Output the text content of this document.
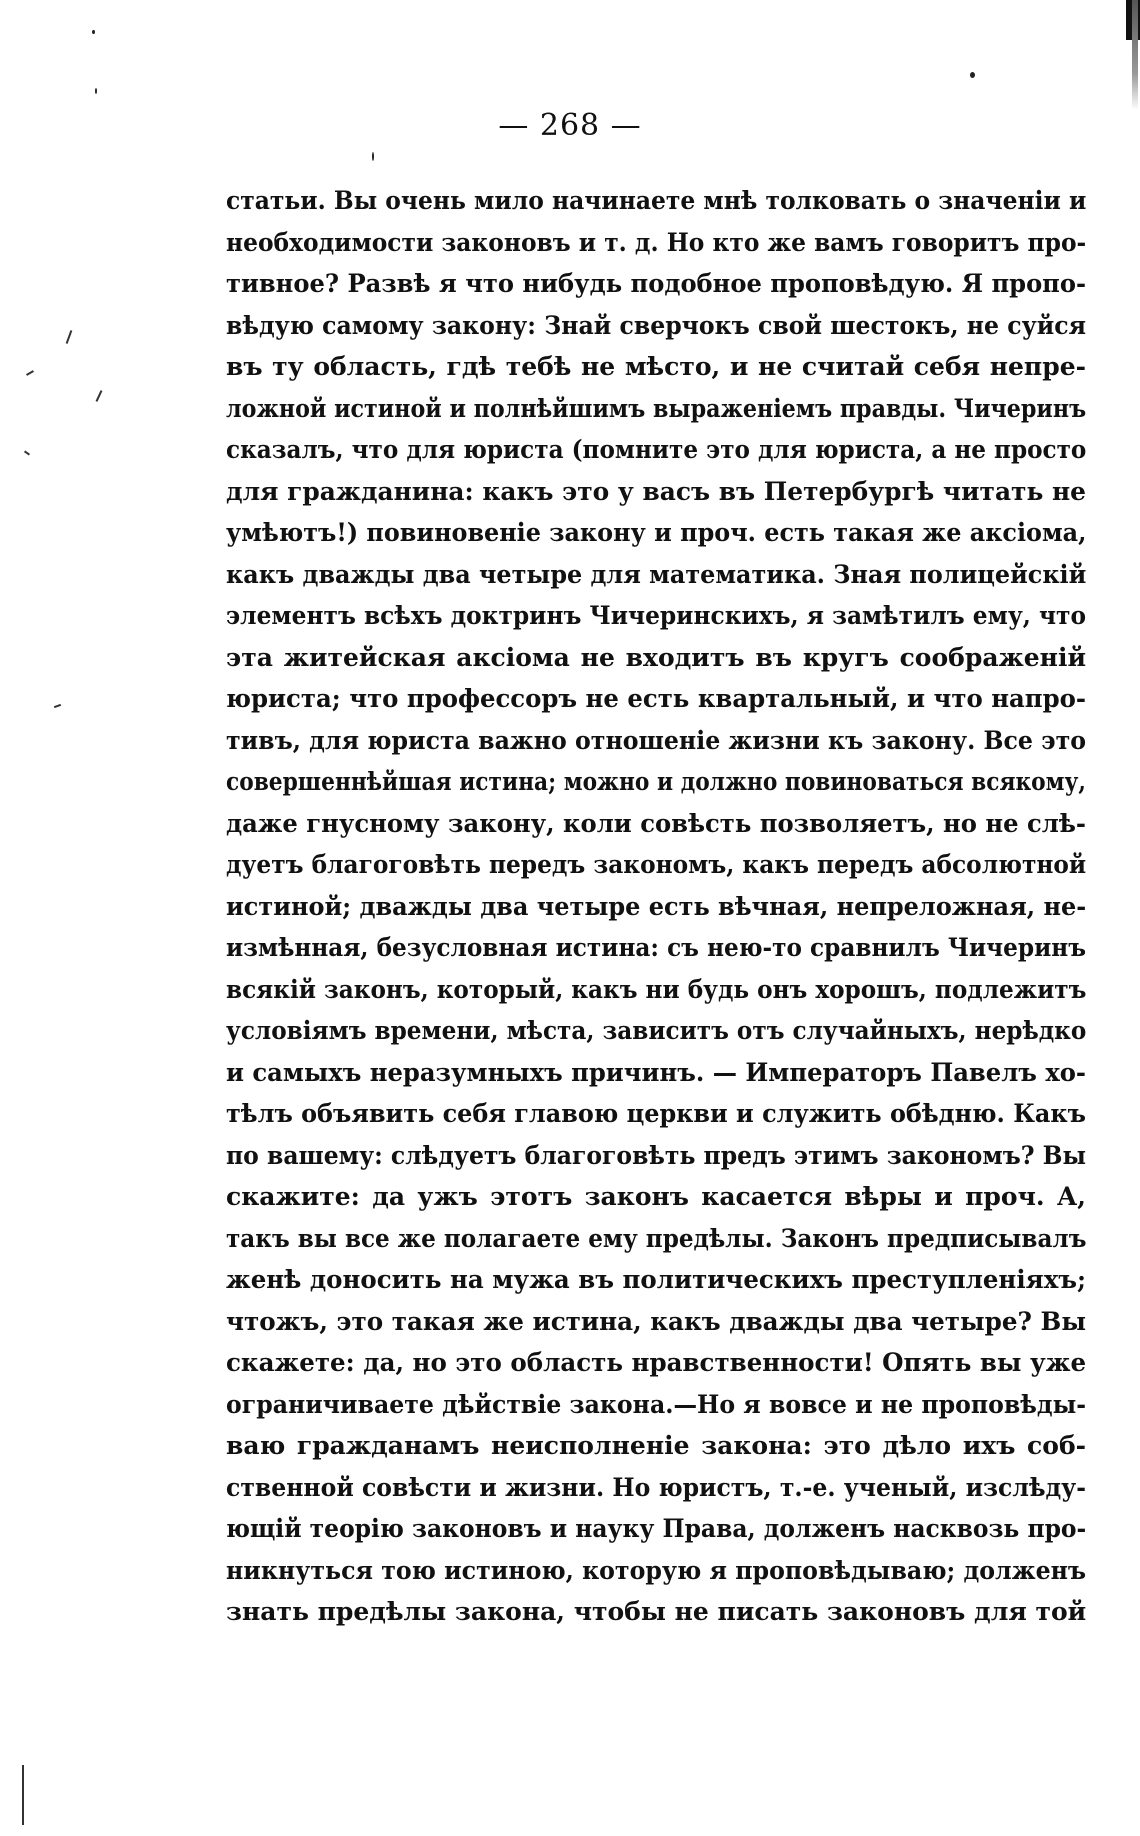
— 268 —
статьи. Вы очень мило начинаете мнѣ толковать о значеніи и
необходимости законовъ и т. д. Но кто же вамъ говоритъ про-
тивное? Развѣ я что нибудь подобное проповѣдую. Я пропо-
вѣдую самому закону: Знай сверчокъ свой шестокъ, не суйся
въ ту область, гдѣ тебѣ не мѣсто, и не считай себя непре-
ложной истиной и полнѣйшимъ выраженіемъ правды. Чичеринъ
сказалъ, что для юриста (помните это для юриста, а не просто
для гражданина: какъ это у васъ въ Петербургѣ читать не
умѣютъ!) повиновеніе закону и проч. есть такая же аксіома,
какъ дважды два четыре для математика. Зная полицейскій
элементъ всѣхъ доктринъ Чичеринскихъ, я замѣтилъ ему, что
эта житейская аксіома не входитъ въ кругъ соображеній
юриста; что профессоръ не есть квартальный, и что напро-
тивъ, для юриста важно отношеніе жизни къ закону. Все это
совершеннѣйшая истина; можно и должно повиноваться всякому,
даже гнусному закону, коли совѣсть позволяетъ, но не слѣ-
дуетъ благоговѣть передъ закономъ, какъ передъ абсолютной
истиной; дважды два четыре есть вѣчная, непреложная, не-
измѣнная, безусловная истина: съ нею-то сравнилъ Чичеринъ
всякій законъ, который, какъ ни будь онъ хорошъ, подлежитъ
условіямъ времени, мѣста, зависитъ отъ случайныхъ, нерѣдко
и самыхъ неразумныхъ причинъ. — Императоръ Павелъ хо-
тѣлъ объявить себя главою церкви и служить обѣдню. Какъ
по вашему: слѣдуетъ благоговѣть предъ этимъ закономъ? Вы
скажите: да ужъ этотъ законъ касается вѣры и проч. А,
такъ вы все же полагаете ему предѣлы. Законъ предписывалъ
женѣ доносить на мужа въ политическихъ преступленіяхъ;
чтожъ, это такая же истина, какъ дважды два четыре? Вы
скажете: да, но это область нравственности! Опять вы уже
ограничиваете дѣйствіе закона.—Но я вовсе и не проповѣды-
ваю гражданамъ неисполненіе закона: это дѣло ихъ соб-
ственной совѣсти и жизни. Но юристъ, т.-е. ученый, изслѣду-
ющій теорію законовъ и науку Права, долженъ насквозь про-
никнуться тою истиною, которую я проповѣдываю; долженъ
знать предѣлы закона, чтобы не писать законовъ для той
